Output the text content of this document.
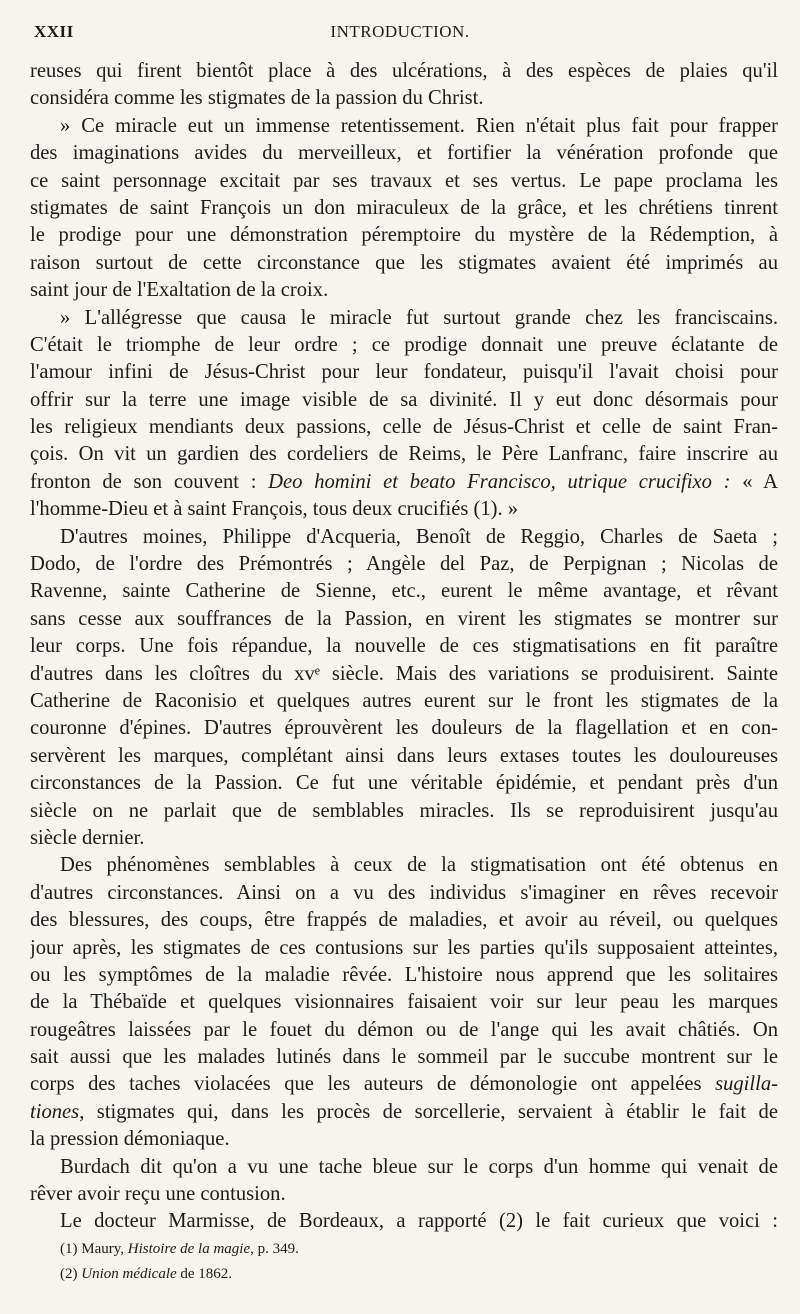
XXII	INTRODUCTION.
reuses qui firent bientôt place à des ulcérations, à des espèces de plaies qu'il
considéra comme les stigmates de la passion du Christ.
» Ce miracle eut un immense retentissement. Rien n'était plus fait pour frapper
des imaginations avides du merveilleux, et fortifier la vénération profonde que
ce saint personnage excitait par ses travaux et ses vertus. Le pape proclama les
stigmates de saint François un don miraculeux de la grâce, et les chrétiens tinrent
le prodige pour une démonstration péremptoire du mystère de la Rédemption, à
raison surtout de cette circonstance que les stigmates avaient été imprimés au
saint jour de l'Exaltation de la croix.
» L'allégresse que causa le miracle fut surtout grande chez les franciscains.
C'était le triomphe de leur ordre ; ce prodige donnait une preuve éclatante de
l'amour infini de Jésus-Christ pour leur fondateur, puisqu'il l'avait choisi pour
offrir sur la terre une image visible de sa divinité. Il y eut donc désormais pour
les religieux mendiants deux passions, celle de Jésus-Christ et celle de saint Fran-
çois. On vit un gardien des cordeliers de Reims, le Père Lanfranc, faire inscrire au
fronton de son couvent : Deo homini et beato Francisco, utrique crucifixo : « A
l'homme-Dieu et à saint François, tous deux crucifiés (1). »
D'autres moines, Philippe d'Acqueria, Benoît de Reggio, Charles de Saeta ;
Dodo, de l'ordre des Prémontrés ; Angèle del Paz, de Perpignan ; Nicolas de
Ravenne, sainte Catherine de Sienne, etc., eurent le même avantage, et rêvant
sans cesse aux souffrances de la Passion, en virent les stigmates se montrer sur
leur corps. Une fois répandue, la nouvelle de ces stigmatisations en fit paraître
d'autres dans les cloîtres du xvᵉ siècle. Mais des variations se produisirent. Sainte
Catherine de Raconisio et quelques autres eurent sur le front les stigmates de la
couronne d'épines. D'autres éprouvèrent les douleurs de la flagellation et en con-
servèrent les marques, complétant ainsi dans leurs extases toutes les douloureuses
circonstances de la Passion. Ce fut une véritable épidémie, et pendant près d'un
siècle on ne parlait que de semblables miracles. Ils se reproduisirent jusqu'au
siècle dernier.
Des phénomènes semblables à ceux de la stigmatisation ont été obtenus en
d'autres circonstances. Ainsi on a vu des individus s'imaginer en rêves recevoir
des blessures, des coups, être frappés de maladies, et avoir au réveil, ou quelques
jour après, les stigmates de ces contusions sur les parties qu'ils supposaient atteintes,
ou les symptômes de la maladie rêvée. L'histoire nous apprend que les solitaires
de la Thébaïde et quelques visionnaires faisaient voir sur leur peau les marques
rougeâtres laissées par le fouet du démon ou de l'ange qui les avait châtiés. On
sait aussi que les malades lutinés dans le sommeil par le succube montrent sur le
corps des taches violacées que les auteurs de démonologie ont appelées sugilla-
tiones, stigmates qui, dans les procès de sorcellerie, servaient à établir le fait de
la pression démoniaque.
Burdach dit qu'on a vu une tache bleue sur le corps d'un homme qui venait de
rêver avoir reçu une contusion.
Le docteur Marmisse, de Bordeaux, a rapporté (2) le fait curieux que voici :
(1) Maury, Histoire de la magie, p. 349.
(2) Union médicale de 1862.
